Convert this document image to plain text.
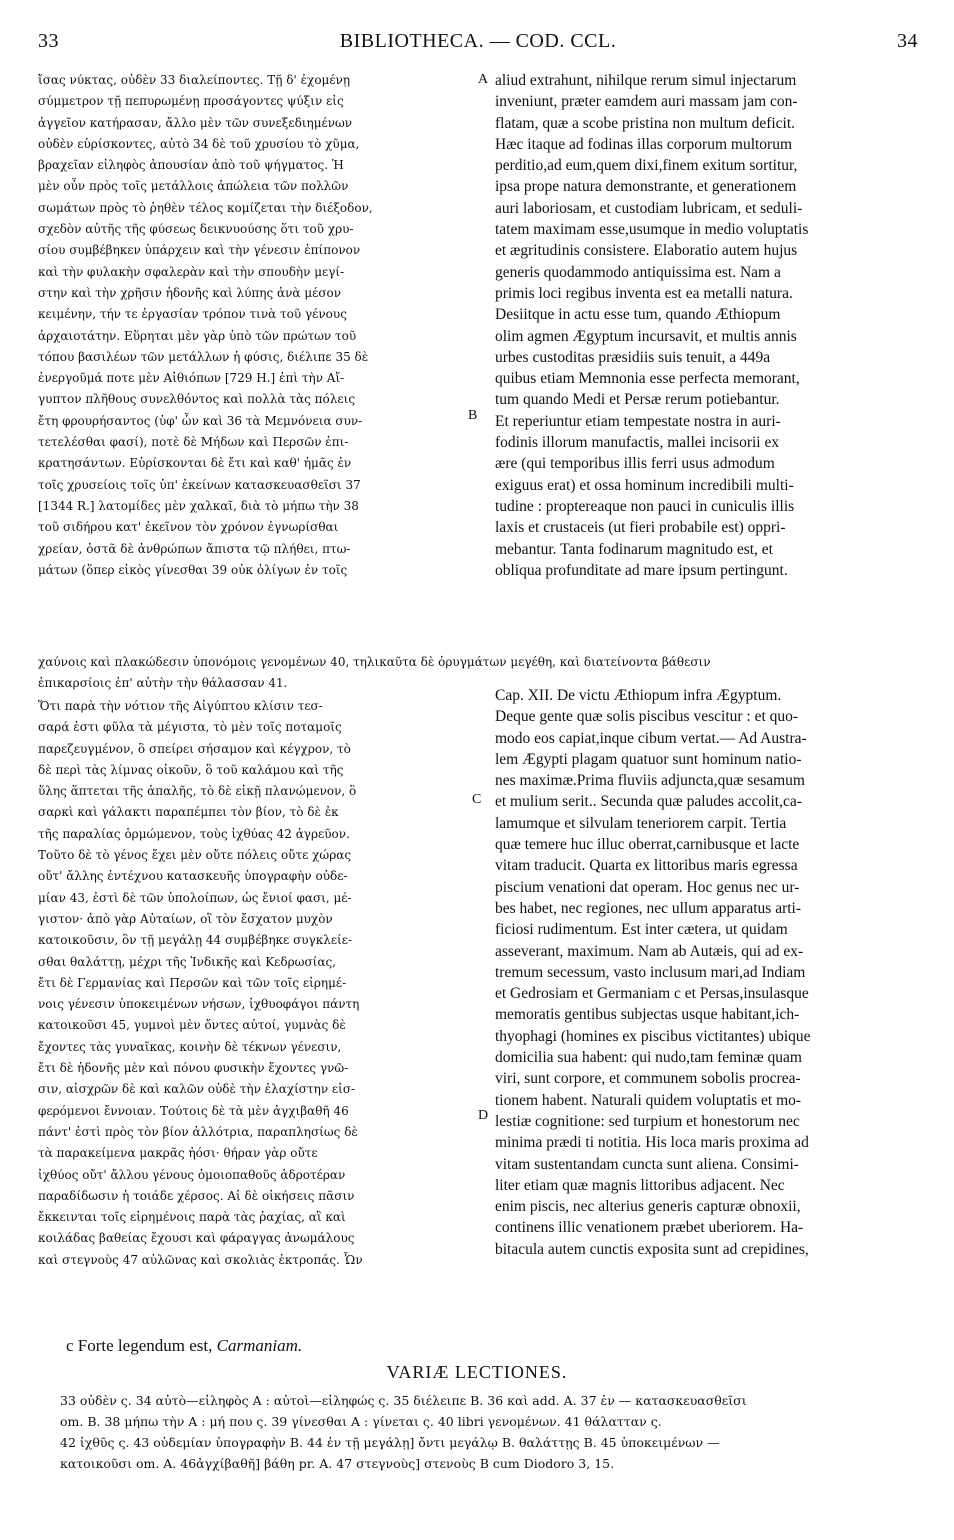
33	BIBLIOTHECA. — COD. CCL.	34
ἴσας νύκτας, οὐδὲν 33 διαλείποντες. Τῇ δ' ἐχομένῃ
σύμμετρον τῇ πεπυρωμένῃ προσάγοντες ψύξιν εἰς
ἀγγεῖον κατήρασαν, ἄλλο μὲν τῶν συνεξεδιημένων
οὐδὲν εὑρίσκοντες, αὐτὸ 34 δὲ τοῦ χρυσίου τὸ χῦμα,
βραχεῖαν εἰληφὸς ἀπουσίαν ἀπὸ τοῦ ψήγματος. Ἡ
μὲν οὖν πρὸς τοῖς μετάλλοις ἀπώλεια τῶν πολλῶν
σωμάτων πρὸς τὸ ῥηθὲν τέλος κομίζεται τὴν διέξοδον,
σχεδὸν αὐτῆς τῆς φύσεως δεικνυούσης ὅτι τοῦ χρυ-
σίου συμβέβηκεν ὑπάρχειν καὶ τὴν γένεσιν ἐπίπονον
καὶ τὴν φυλακὴν σφαλερὰν καὶ τὴν σπουδὴν μεγί-
στην καὶ τὴν χρῆσιν ἡδονῆς καὶ λύπης ἀνὰ μέσον
κειμένην, τήν τε ἐργασίαν τρόπον τινὰ τοῦ γένους
ἀρχαιοτάτην. Εὕρηται μὲν γὰρ ὑπὸ τῶν πρώτων τοῦ
τόπου βασιλέων τῶν μετάλλων ἡ φύσις, διέλιπε 35 δὲ
ἐνεργοῦμά ποτε μὲν Αἰθιόπων [729 H.] ἐπὶ τὴν Αἴ-
γυπτον πλῆθους συνελθόντος καὶ πολλὰ τὰς πόλεις
ἔτη φρουρήσαντος (ὑφ' ὧν καὶ 36 τὰ Μεμνόνεια συν-
τετελέσθαι φασί), ποτὲ δὲ Μήδων καὶ Περσῶν ἐπι-
κρατησάντων. Εὑρίσκονται δὲ ἔτι καὶ καθ' ἡμᾶς ἐν
τοῖς χρυσείοις τοῖς ὑπ' ἐκείνων κατασκευασθεῖσι 37
[1344 R.] λατομίδες μὲν χαλκαῖ, διὰ τὸ μήπω τὴν 38
τοῦ σιδήρου κατ' ἐκεῖνον τὸν χρόνον ἐγνωρίσθαι
χρείαν, ὀστᾶ δὲ ἀνθρώπων ἄπιστα τῷ πλήθει, πτω-
μάτων (ὅπερ εἰκὸς γίνεσθαι 39 οὐκ ὀλίγων ἐν τοῖς
aliud extrahunt, nihilque rerum simul injectarum
inveniunt, præter eamdem auri massam jam con-
flatam, quæ a scobe pristina non multum deficit.
Hæc itaque ad fodinas illas corporum multorum
perditio,ad eum,quem dixi,finem exitum sortitur,
ipsa prope natura demonstrante, et generationem
auri laboriosam, et custodiam lubricam, et seduli-
tatem maximam esse,usumque in medio voluptatis
et ægritudinis consistere. Elaboratio autem hujus
generis quodammodo antiquissima est. Nam a
primis loci regibus inventa est ea metalli natura.
Desiitque in actu esse tum, quando Æthiopum
olim agmen Ægyptum incursavit, et multis annis
urbes custoditas præsidiis suis tenuit, a 449a
quibus etiam Memnonia esse perfecta memorant,
tum quando Medi et Persæ rerum potiebantur.
Et reperiuntur etiam tempestate nostra in auri-
fodinis illorum manufactis, mallei incisorii ex
ære (qui temporibus illis ferri usus admodum
exiguus erat) et ossa hominum incredibili multi-
tudine : proptereaque non pauci in cuniculis illis
laxis et crustaceis (ut fieri probabile est) oppri-
mebantur. Tanta fodinarum magnitudo est, et
obliqua profunditate ad mare ipsum pertingunt.
χαύνοις καὶ πλακώδεσιν ὑπονόμοις γενομένων 40, τηλικαῦτα δὲ ὀρυγμάτων μεγέθη, καὶ διατείνοντα βάθεσιν
ἐπικαρσίοις ἐπ' αὐτὴν τὴν θάλασσαν 41.
Ὅτι παρὰ τὴν νότιον τῆς Αἰγύπτου κλίσιν τεσ-
σαρά ἐστι φῦλα τὰ μέγιστα, τὸ μὲν τοῖς ποταμοῖς
παρεζευγμένον, ὃ σπείρει σήσαμον καὶ κέγχρον, τὸ
δὲ περὶ τὰς λίμνας οἰκοῦν, ὃ τοῦ καλάμου καὶ τῆς
ὕλης ἅπτεται τῆς ἁπαλῆς, τὸ δὲ εἰκῇ πλανώμενον, ὃ
σαρκὶ καὶ γάλακτι παραπέμπει τὸν βίον, τὸ δὲ ἐκ
τῆς παραλίας ὁρμώμενον, τοὺς ἰχθύας 42 ἀγρεῦον.
Τοῦτο δὲ τὸ γένος ἔχει μὲν οὔτε πόλεις οὔτε χώρας
οὔτ' ἄλλης ἐντέχνου κατασκευῆς ὑπογραφὴν οὐδε-
μίαν 43, ἐστὶ δὲ τῶν ὑπολοίπων, ὡς ἔνιοί φασι, μέ-
γιστον· ἀπὸ γὰρ Αὐταίων, οἳ τὸν ἔσχατον μυχὸν
κατοικοῦσιν, ὃν τῇ μεγάλῃ 44 συμβέβηκε συγκλείε-
σθαι θαλάττῃ, μέχρι τῆς Ἰνδικῆς καὶ Κεδρωσίας,
ἔτι δὲ Γερμανίας καὶ Περσῶν καὶ τῶν τοῖς εἰρημέ-
νοις γένεσιν ὑποκειμένων νήσων, ἰχθυοφάγοι πάντη
κατοικοῦσι 45, γυμνοὶ μὲν ὄντες αὐτοί, γυμνὰς δὲ
ἔχοντες τὰς γυναῖκας, κοινὴν δὲ τέκνων γένεσιν,
ἔτι δὲ ἡδονῆς μὲν καὶ πόνου φυσικὴν ἔχοντες γνῶ-
σιν, αἰσχρῶν δὲ καὶ καλῶν οὐδὲ τὴν ἐλαχίστην εἰσ-
φερόμενοι ἔννοιαν. Τούτοις δὲ τὰ μὲν ἀγχιβαθῆ 46
πάντ' ἐστὶ πρὸς τὸν βίον ἀλλότρια, παραπλησίως δὲ
τὰ παρακείμενα μακρᾶς ἠόσι· θήραν γὰρ οὔτε
ἰχθύος οὔτ' ἄλλου γένους ὁμοιοπαθοῦς ἁδροτέραν
παραδίδωσιν ἡ τοιάδε χέρσος. Αἱ δὲ οἰκήσεις πᾶσιν
ἔκκεινται τοῖς εἰρημένοις παρὰ τὰς ῥαχίας, αἳ καὶ
κοιλάδας βαθείας ἔχουσι καὶ φάραγγας ἀνωμάλους
καὶ στεγνοὺς 47 αὐλῶνας καὶ σκολιὰς ἐκτροπάς. Ὧν
Cap. XII. De victu Æthiopum infra Ægyptum.
Deque gente quæ solis piscibus vescitur : et quo-
modo eos capiat,inque cibum vertat.— Ad Austra-
lem Ægypti plagam quatuor sunt hominum natio-
nes maximæ.Prima fluviis adjuncta,quæ sesamum
et mulium serit.. Secunda quæ paludes accolit,ca-
lamumque et silvulam teneriorem carpit. Tertia
quæ temere huc illuc oberrat,carnibusque et lacte
vitam traducit. Quarta ex littoribus maris egressa
piscium venationi dat operam. Hoc genus nec ur-
bes habet, nec regiones, nec ullum apparatus arti-
ficiosi rudimentum. Est inter cætera, ut quidam
asseverant, maximum. Nam ab Autæis, qui ad ex-
tremum secessum, vasto inclusum mari,ad Indiam
et Gedrosiam et Germaniam c et Persas,insulasque
memoratis gentibus subjectas usque habitant,ich-
thyophagi (homines ex piscibus victitantes) ubique
domicilia sua habent: qui nudo,tam feminæ quam
viri, sunt corpore, et communem sobolis procrea-
tionem habent. Naturali quidem voluptatis et mo-
lestiæ cognitione: sed turpium et honestorum nec
minima prædi ti notitia. His loca maris proxima ad
vitam sustentandam cuncta sunt aliena. Consimi-
liter etiam quæ magnis littoribus adjacent. Nec
enim piscis, nec alterius generis capturæ obnoxii,
continens illic venationem præbet uberiorem. Ha-
bitacula autem cunctis exposita sunt ad crepidines,
A
B
C
D
c Forte legendum est, Carmaniam.
VARIÆ LECTIONES.
33 οὐδὲν ς. 34 αὐτὸ—εἰληφὸς A : αὐτοὶ—εἰληφώς ς. 35 διέλειπε B. 36 καὶ add. A. 37 ἐν — κατασκευασθεῖσι
om. B. 38 μήπω τὴν A : μή που ς. 39 γίνεσθαι A : γίνεται ς. 40 libri γενομένων. 41 θάλατταν ς.
42 ἰχθῦς ς. 43 οὐδεμίαν ὑπογραφὴν B. 44 ἐν τῇ μεγάλῃ] ὄντι μεγάλῳ B. θαλάττῃς B. 45 ὑποκειμένων —
κατοικοῦσι om. A. 46ἀγχίβαθῆ] βάθη pr. A. 47 στεγνοὺς] στενοὺς B cum Diodoro 3, 15.
